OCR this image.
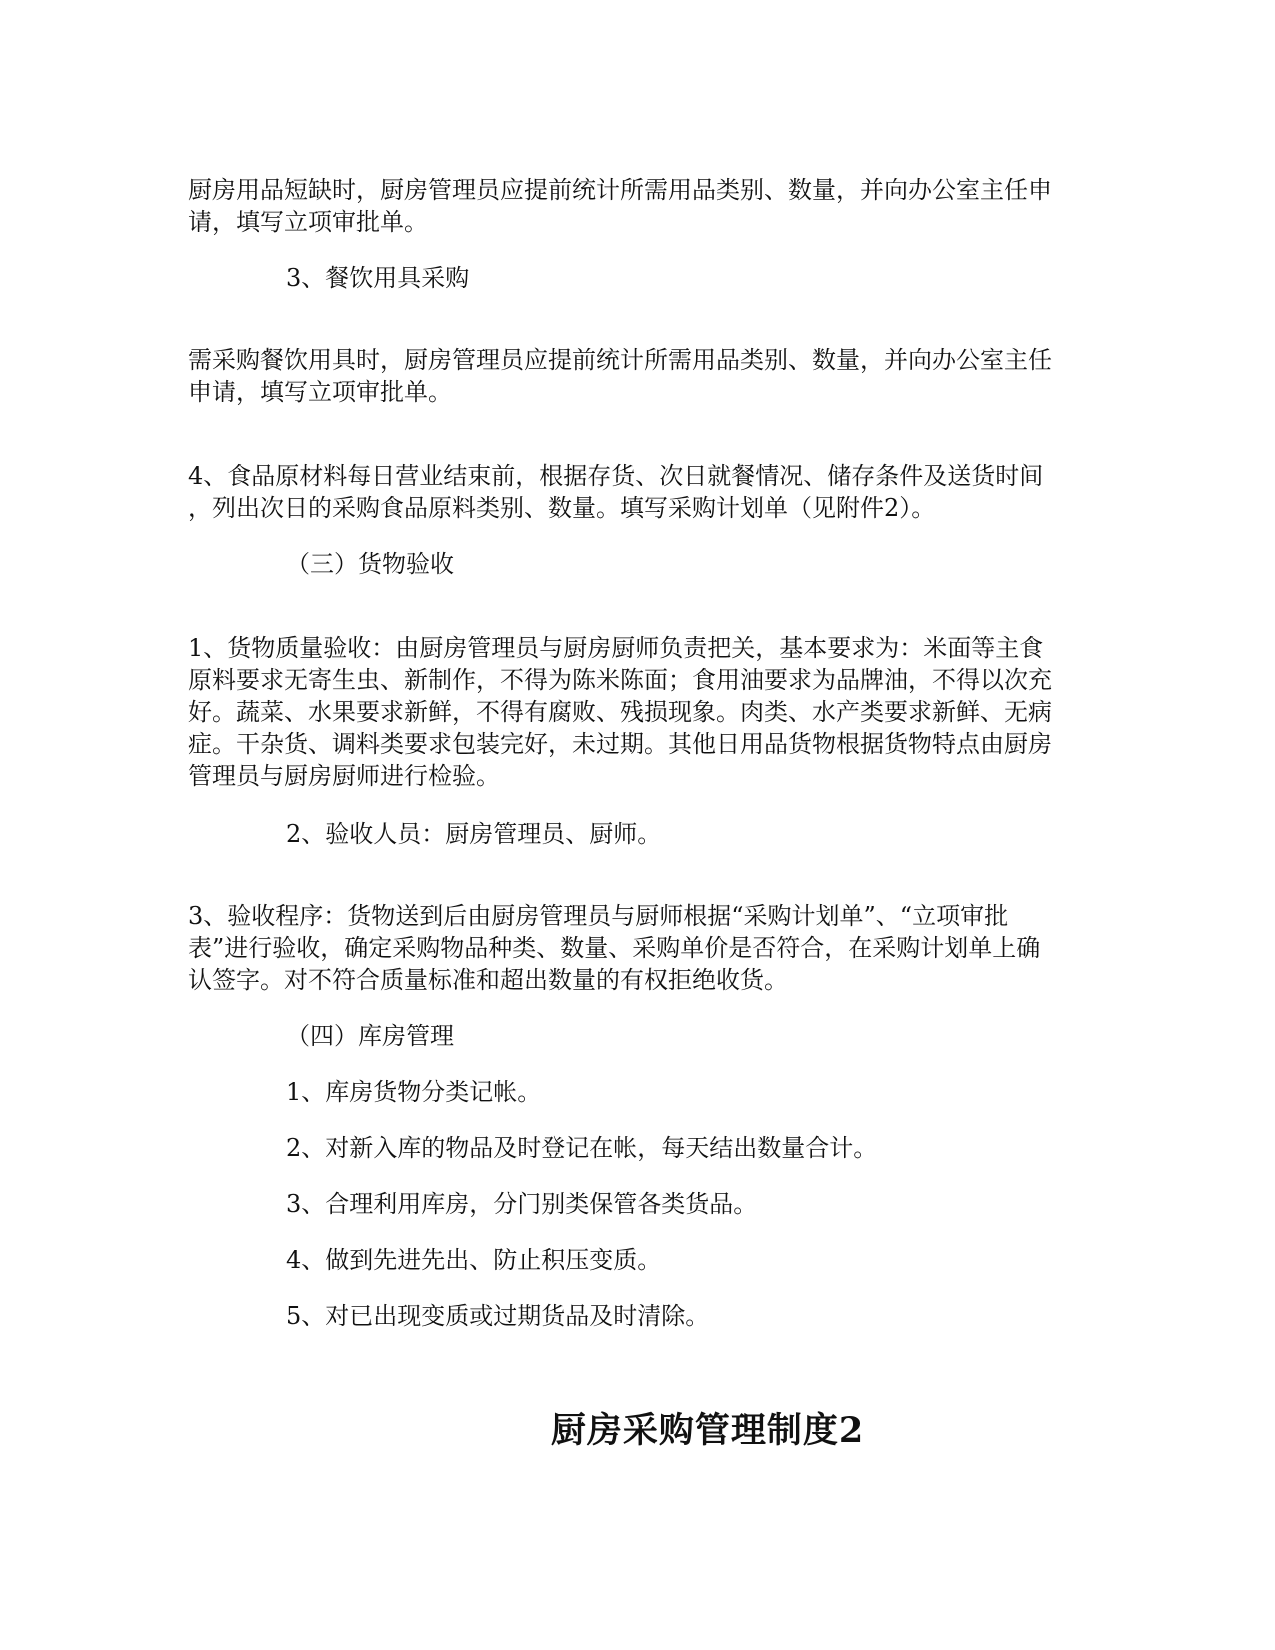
厨房用品短缺时，厨房管理员应提前统计所需用品类别、数量，并向办公室主任申

请，填写立项审批单。

3、餐饮用具采购

需采购餐饮用具时，厨房管理员应提前统计所需用品类别、数量，并向办公室主任

申请，填写立项审批单。

4、食品原材料每日营业结束前，根据存货、次日就餐情况、储存条件及送货时间

，列出次日的采购食品原料类别、数量。填写采购计划单（见附件2）。

（三）货物验收

1、货物质量验收：由厨房管理员与厨房厨师负责把关，基本要求为：米面等主食

原料要求无寄生虫、新制作，不得为陈米陈面；食用油要求为品牌油，不得以次充

好。蔬菜、水果要求新鲜，不得有腐败、残损现象。肉类、水产类要求新鲜、无病

症。干杂货、调料类要求包装完好，未过期。其他日用品货物根据货物特点由厨房

管理员与厨房厨师进行检验。

2、验收人员：厨房管理员、厨师。

3、验收程序：货物送到后由厨房管理员与厨师根据“采购计划单”、“立项审批

表”进行验收，确定采购物品种类、数量、采购单价是否符合，在采购计划单上确

认签字。对不符合质量标准和超出数量的有权拒绝收货。

（四）库房管理

1、库房货物分类记帐。

2、对新入库的物品及时登记在帐，每天结出数量合计。

3、合理利用库房，分门别类保管各类货品。

4、做到先进先出、防止积压变质。

5、对已出现变质或过期货品及时清除。

厨房采购管理制度2
